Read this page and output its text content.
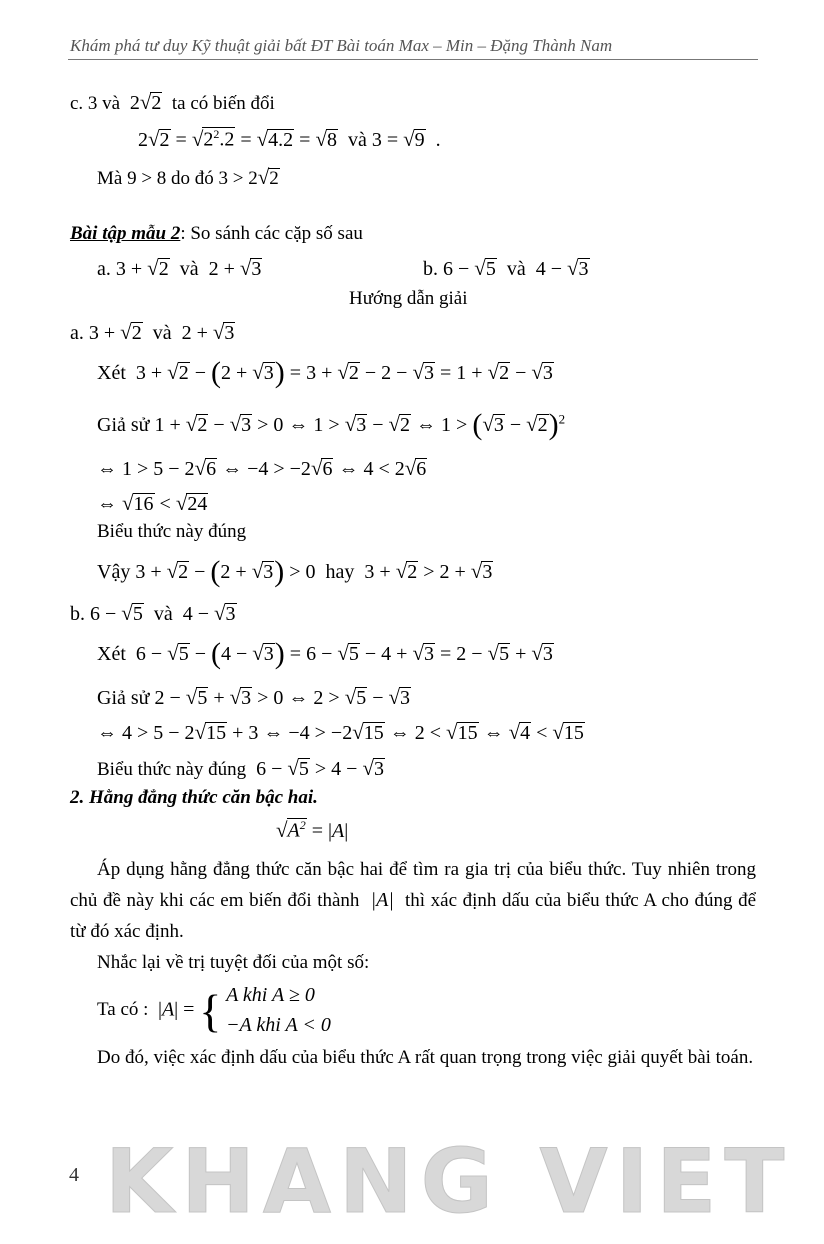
Khám phá tư duy Kỹ thuật giải bất ĐT Bài toán Max – Min – Đặng Thành Nam
c. 3 và  2√2 ta có biến đổi
$2√2 = √2^2.2 = √4.2 = √8$ và 3 = √9  .
Mà 9 > 8 do đó 3 > 2√2
Bài tập mẫu 2: So sánh các cặp số sau
a. 3 + √2  và  2 + √3	b. 6 − √5  và  4 − √3
Hướng dẫn giải
a. 3 + √2  và  2 + √3
Xét  3 + √2 − (2 + √3) = 3 + √2 − 2 − √3 = 1 + √2 − √3
Giả sử 1 + √2 − √3 > 0 ⇔ 1 > √3 − √2 ⇔ $1 > (√3 - √2)^2$
⇔ 1 > 5 − 2√6 ⇔ −4 > −2√6 ⇔ 4 < 2√6
⇔ √16 < √24
Biểu thức này đúng
Vậy 3 + √2 − (2 + √3) > 0  hay  3 + √2 > 2 + √3
b. 6 − √5  và  4 − √3
Xét  6 − √5 − (4 − √3) = 6 − √5 − 4 + √3 = 2 − √5 + √3
Giả sử 2 − √5 + √3 > 0 ⇔ 2 > √5 − √3
⇔ 4 > 5 − 2√15 + 3 ⇔ −4 > −2√15 ⇔ 2 < √15 ⇔ √4 < √15
Biểu thức này đúng  6 − √5 > 4 − √3
2. Hằng đẳng thức căn bậc hai.
$√A^2 = |A|$
Áp dụng hằng đẳng thức căn bậc hai để tìm ra gia trị của biểu thức. Tuy nhiên trong chủ đề này khi các em biến đổi thành |A| thì xác định dấu của biểu thức A cho đúng để từ đó xác định.
Nhắc lại về trị tuyệt đối của một số:
Ta có : |A| = { A khi A ≥ 0
−A khi A < 0
Do đó, việc xác định dấu của biểu thức A rất quan trọng trong việc giải quyết bài toán.
KHANG VIET
4
